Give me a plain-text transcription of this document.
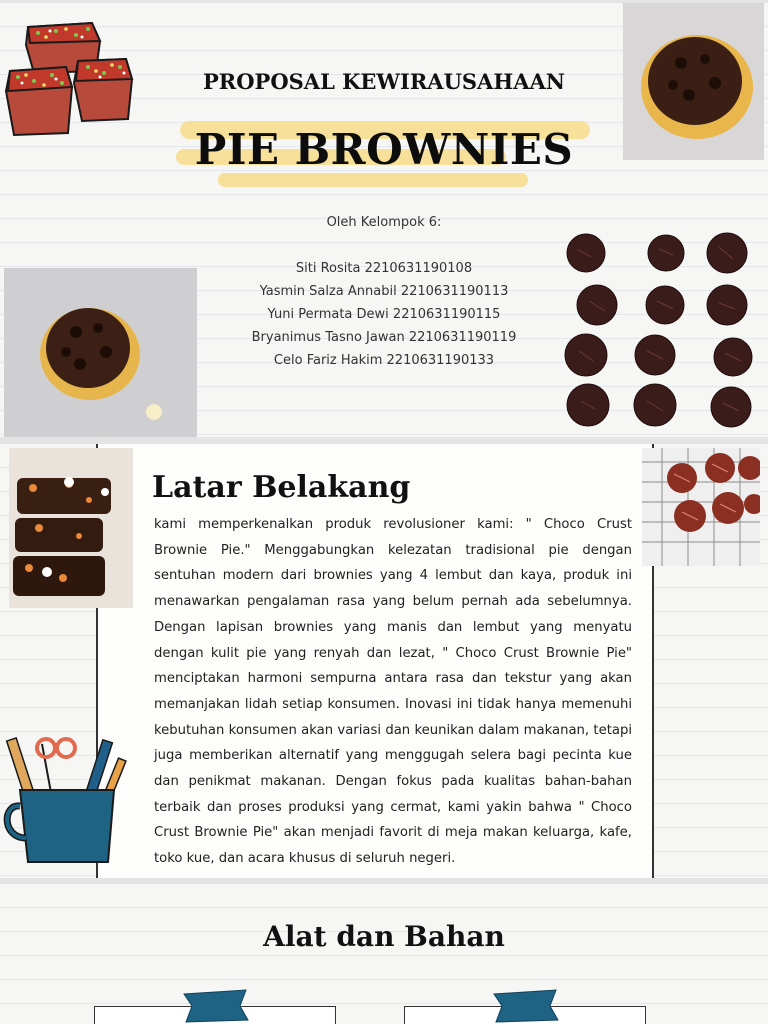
PROPOSAL KEWIRAUSAHAAN
PIE BROWNIES
Oleh Kelompok 6:
Siti Rosita 2210631190108
Yasmin Salza Annabil 2210631190113
Yuni Permata Dewi 2210631190115
Bryanimus Tasno Jawan 2210631190119
Celo Fariz Hakim 2210631190133
Latar Belakang
kami memperkenalkan produk revolusioner kami: " Choco Crust Brownie Pie." Menggabungkan kelezatan tradisional pie dengan sentuhan modern dari brownies yang 4 lembut dan kaya, produk ini menawarkan pengalaman rasa yang belum pernah ada sebelumnya. Dengan lapisan brownies yang manis dan lembut yang menyatu dengan kulit pie yang renyah dan lezat, " Choco Crust Brownie Pie" menciptakan harmoni sempurna antara rasa dan tekstur yang akan memanjakan lidah setiap konsumen. Inovasi ini tidak hanya memenuhi kebutuhan konsumen akan variasi dan keunikan dalam makanan, tetapi juga memberikan alternatif yang menggugah selera bagi pecinta kue dan penikmat makanan. Dengan fokus pada kualitas bahan-bahan terbaik dan proses produksi yang cermat, kami yakin bahwa " Choco Crust Brownie Pie" akan menjadi favorit di meja makan keluarga, kafe, toko kue, dan acara khusus di seluruh negeri.
Alat dan Bahan
